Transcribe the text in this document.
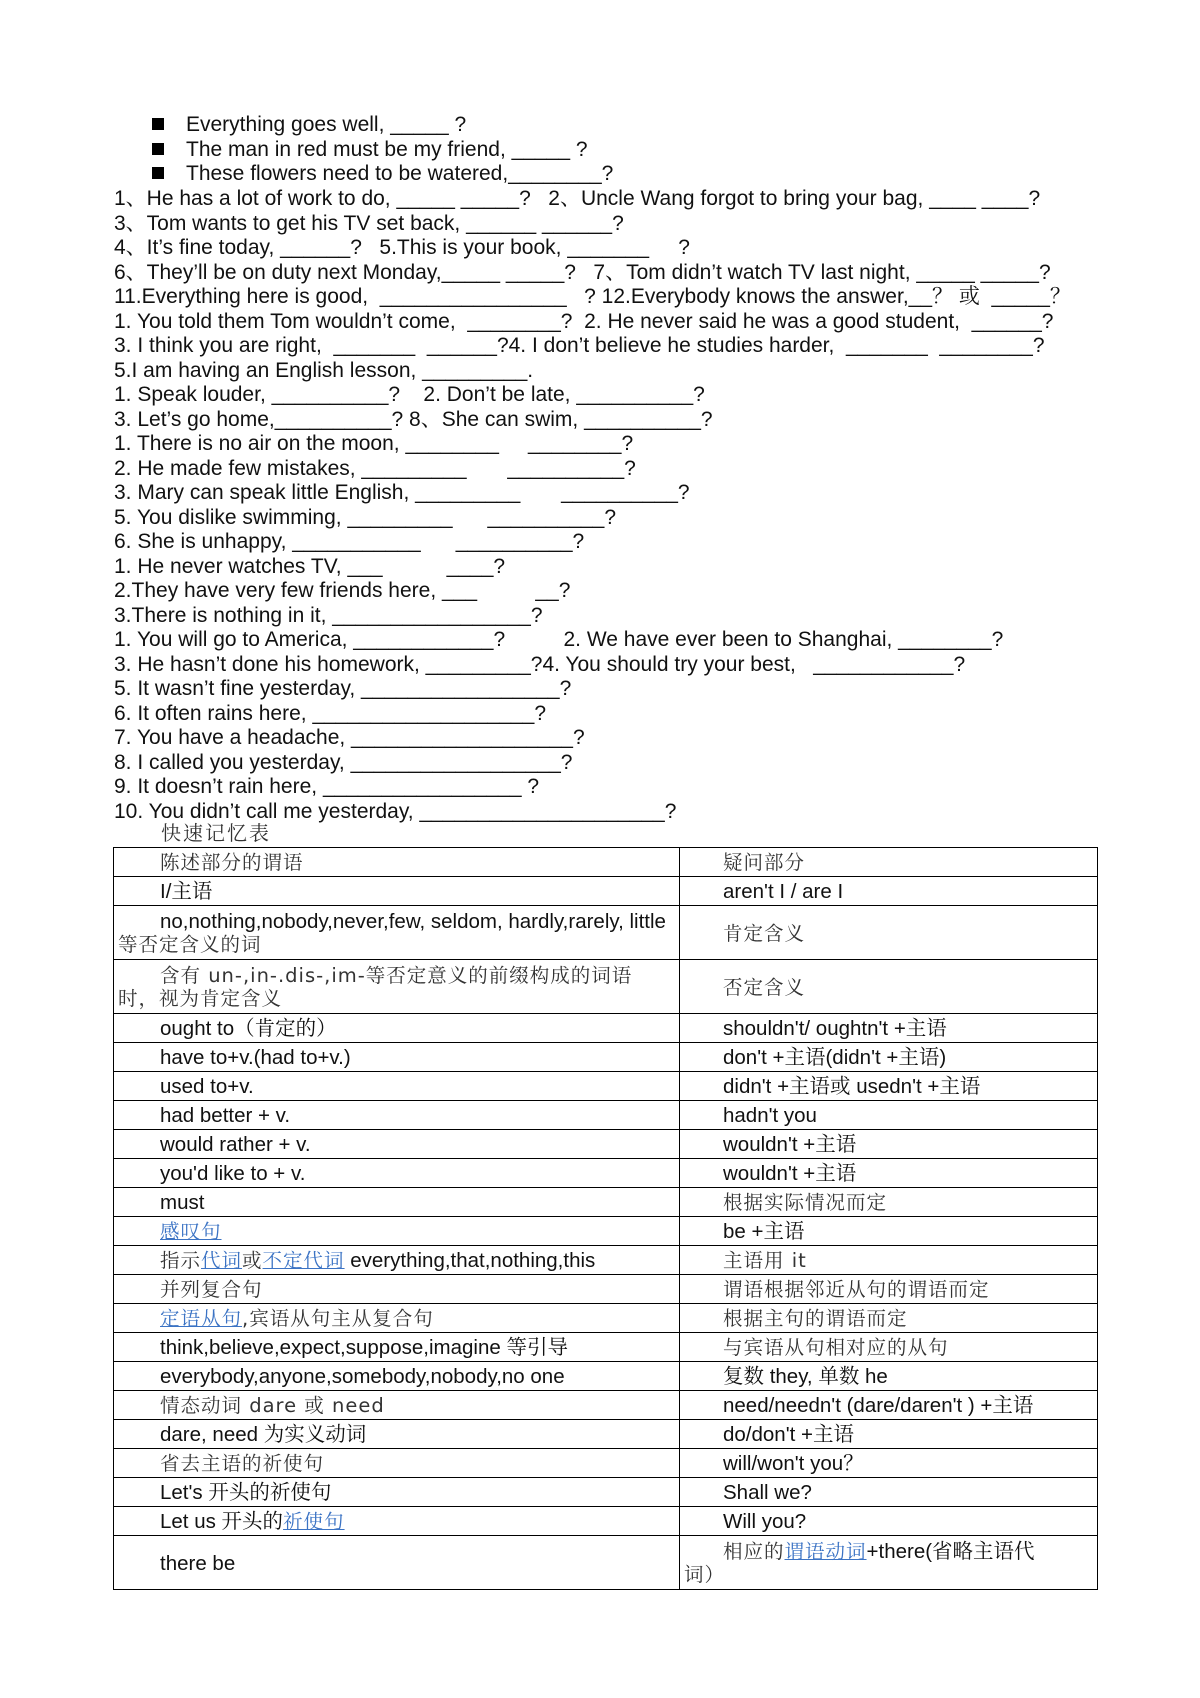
Everything goes well, _____ ?
The man in red must be my friend, _____ ?
These flowers need to be watered,________?
1、He has a lot of work to do, _____ _____?   2、Uncle Wang forgot to bring your bag, ____ ____?
3、Tom wants to get his TV set back, ______ ______?
4、It’s fine today, ______?   5.This is your book, _______     ?
6、They’ll be on duty next Monday,_____ _____?   7、Tom didn’t watch TV last night, _____ _____?
11.Everything here is good,  ________________   ? 12.Everybody knows the answer,__？ 或  _____？
1. You told them Tom wouldn’t come,  ________?  2. He never said he was a good student,  ______?
3. I think you are right,  _______  ______?4. I don’t believe he studies harder,  _______  ________?
5.I am having an English lesson, _________.
1. Speak louder, __________?    2. Don’t be late, __________?
3. Let’s go home,__________? 8、She can swim, __________?
1. There is no air on the moon, ________     ________?
2. He made few mistakes, _________       __________?
3. Mary can speak little English, _________       __________?
5. You dislike swimming, _________      __________?
6. She is unhappy, ___________      __________?
1. He never watches TV, ___           ____?
2.They have very few friends here, ___          __?
3.There is nothing in it, _________________?
1. You will go to America, ____________?          2. We have ever been to Shanghai, ________?
3. He hasn’t done his homework, _________?4. You should try your best,   ____________?
5. It wasn’t fine yesterday, _________________?
6. It often rains here, ___________________?
7. You have a headache, ___________________?
8. I called you yesterday, __________________?
9. It doesn’t rain here, _________________ ?
10. You didn’t call me yesterday, _____________________?
快速记忆表
陈述部分的谓语	疑问部分

I/主语	aren't I / are I

no,nothing,nobody,never,few, seldom, hardly,rarely, little
等否定含义的词	肯定含义

含有 un-,in-.dis-,im-等否定意义的前缀构成的词语
时，视为肯定含义	否定含义

ought to（肯定的）	shouldn't/ oughtn't +主语

have to+v.(had to+v.)	don't +主语(didn't +主语)

used to+v.	didn't +主语或 usedn't +主语

had better + v.	hadn't you

would rather + v.	wouldn't +主语

you'd like to + v.	wouldn't +主语

must	根据实际情况而定

感叹句	be +主语

指示代词或不定代词 everything,that,nothing,this	主语用 it

并列复合句	谓语根据邻近从句的谓语而定

定语从句,宾语从句主从复合句	根据主句的谓语而定

think,believe,expect,suppose,imagine 等引导	与宾语从句相对应的从句

everybody,anyone,somebody,nobody,no one	复数 they, 单数 he

情态动词 dare 或 need	need/needn't (dare/daren't ) +主语

dare, need 为实义动词	do/don't +主语

省去主语的祈使句	will/won't you？

Let's 开头的祈使句	Shall we?

Let us 开头的祈使句	Will you?

there be	相应的谓语动词+there(省略主语代
词）
